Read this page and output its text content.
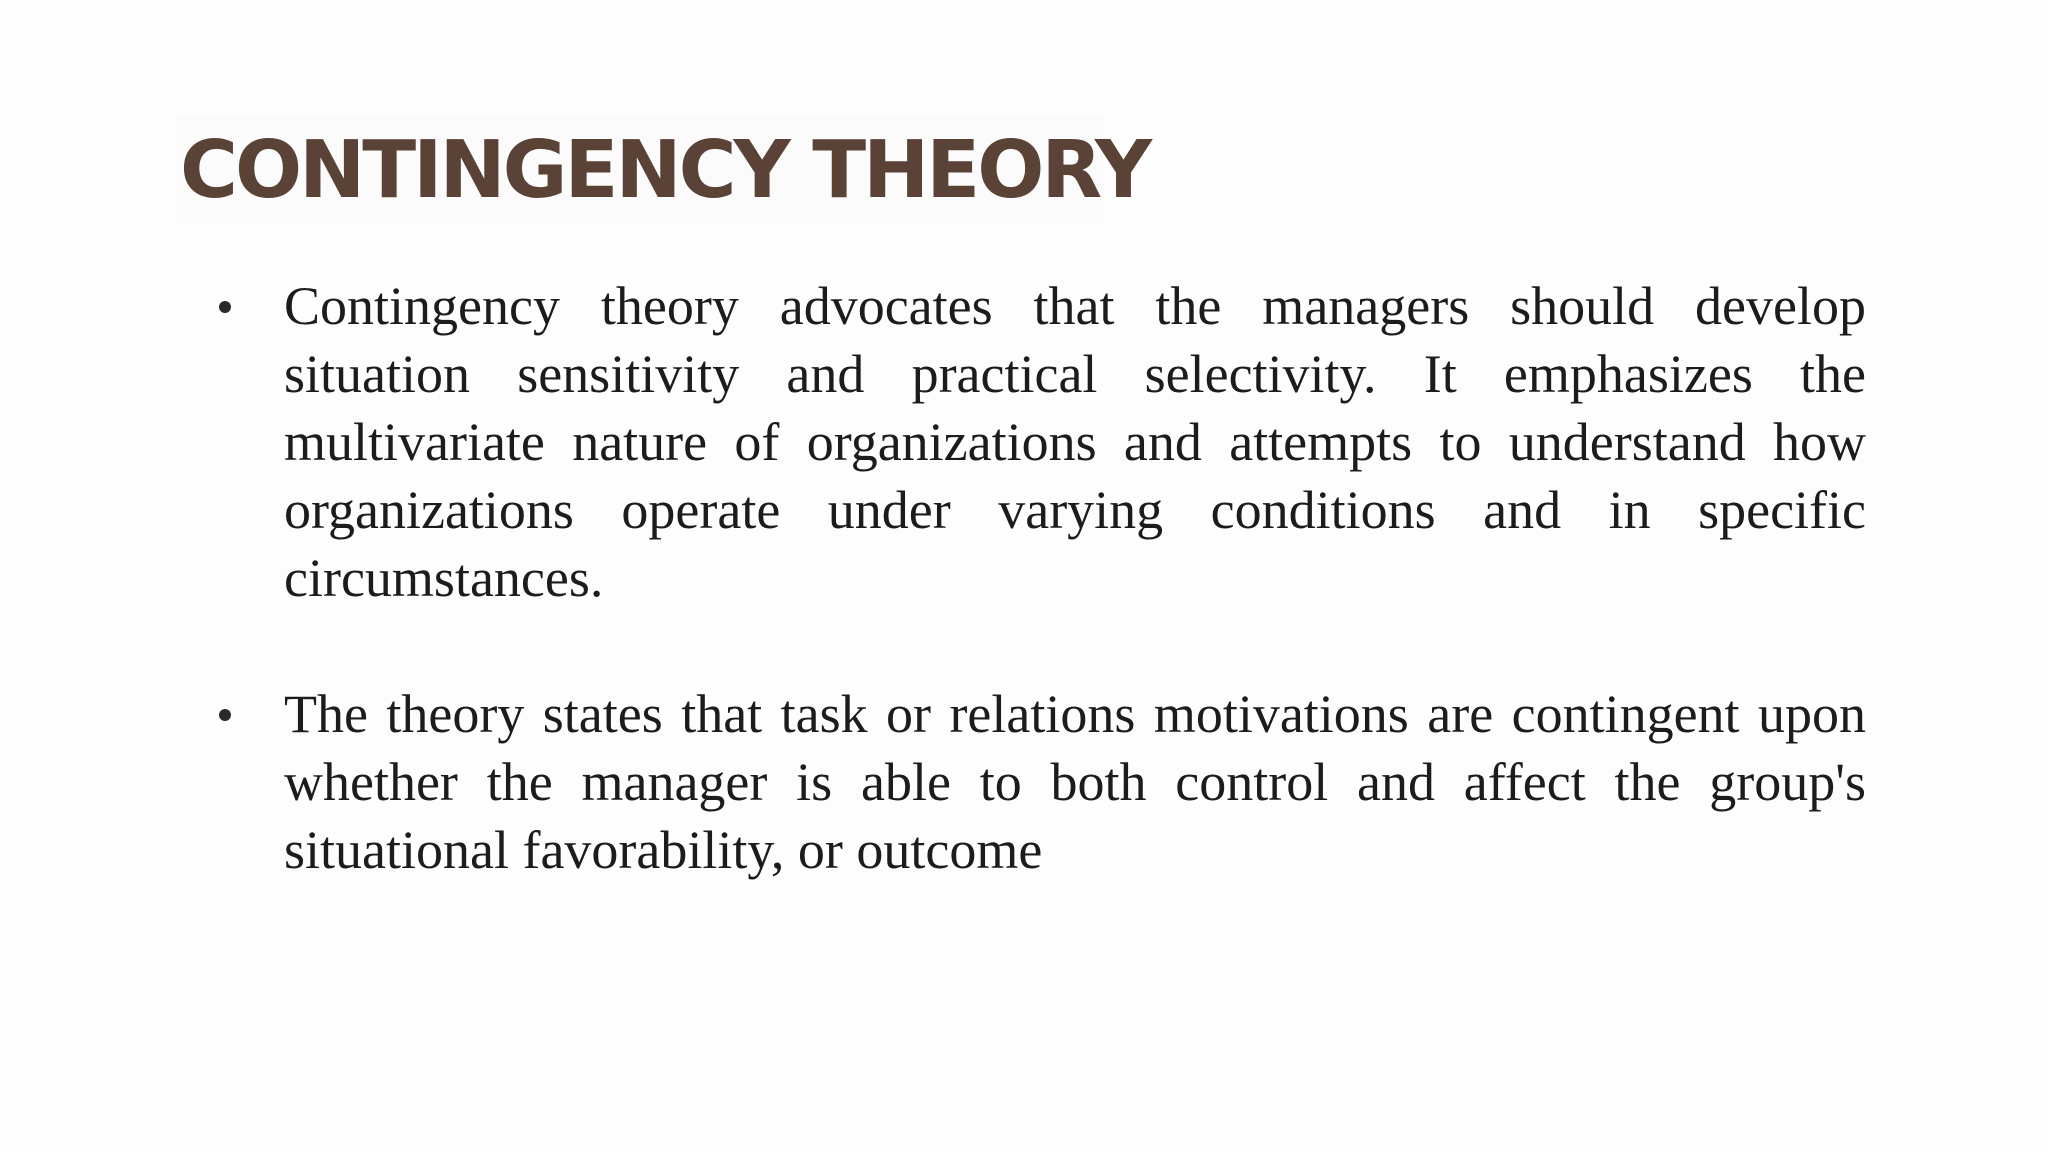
CONTINGENCY THEORY
Contingency theory advocates that the managers should develop situation sensitivity and practical selectivity. It emphasizes the multivariate nature of organizations and attempts to understand how organizations operate under varying conditions and in specific circumstances.
The theory states that task or relations motivations are contingent upon whether the manager is able to both control and affect the group's situational favorability, or outcome
